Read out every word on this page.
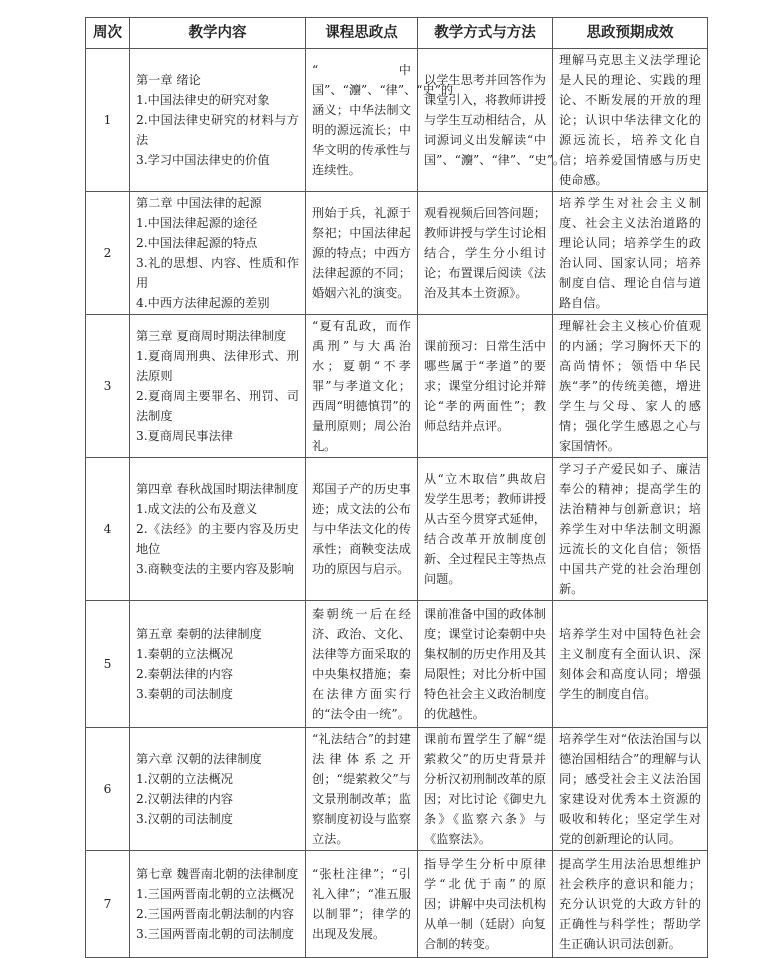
周次	教学内容	课程思政点	教学方式与方法	思政预期成效
1	第一章 绪论
1.中国法律史的研究对象
2.中国法律史研究的材料与方法
3.学习中国法律史的价值	“中国”、“灋”、“律”、“史”的涵义；中华法制文明的源远流长；中华文明的传承性与连续性。	以学生思考并回答作为课堂引入，将教师讲授与学生互动相结合，从词源词义出发解读“中国”、“灋”、“律”、“史”。	理解马克思主义法学理论是人民的理论、实践的理论、不断发展的开放的理论；认识中华法律文化的源远流长，培养文化自信；培养爱国情感与历史使命感。
2	第二章 中国法律的起源
1.中国法律起源的途径
2.中国法律起源的特点
3.礼的思想、内容、性质和作用
4.中西方法律起源的差别	刑始于兵，礼源于祭祀；中国法律起源的特点；中西方法律起源的不同；婚姻六礼的演变。	观看视频后回答问题；教师讲授与学生讨论相结合，学生分小组讨论；布置课后阅读《法治及其本土资源》。	培养学生对社会主义制度、社会主义法治道路的理论认同；培养学生的政治认同、国家认同；培养制度自信、理论自信与道路自信。
3	第三章 夏商周时期法律制度
1.夏商周刑典、法律形式、刑法原则
2.夏商周主要罪名、刑罚、司法制度
3.夏商周民事法律	“夏有乱政，而作禹刑”与大禹治水；夏朝“不孝罪”与孝道文化；西周“明德慎罚”的量刑原则；周公治礼。	课前预习：日常生活中哪些属于“孝道”的要求；课堂分组讨论并辩论“孝的两面性”；教师总结并点评。	理解社会主义核心价值观的内涵；学习胸怀天下的高尚情怀；领悟中华民族“孝”的传统美德，增进学生与父母、家人的感情；强化学生感恩之心与家国情怀。
4	第四章 春秋战国时期法律制度
1.成文法的公布及意义
2.《法经》的主要内容及历史地位
3.商鞅变法的主要内容及影响	郑国子产的历史事迹；成文法的公布与中华法文化的传承性；商鞅变法成功的原因与启示。	从“立木取信”典故启发学生思考；教师讲授从古至今贯穿式延伸，结合改革开放制度创新、全过程民主等热点问题。	学习子产爱民如子、廉洁奉公的精神；提高学生的法治精神与创新意识；培养学生对中华法制文明源远流长的文化自信；领悟中国共产党的社会治理创新。
5	第五章 秦朝的法律制度
1.秦朝的立法概况
2.秦朝法律的内容
3.秦朝的司法制度	秦朝统一后在经济、政治、文化、法律等方面采取的中央集权措施；秦在法律方面实行的“法令由一统”。	课前准备中国的政体制度；课堂讨论秦朝中央集权制的历史作用及其局限性；对比分析中国特色社会主义政治制度的优越性。	培养学生对中国特色社会主义制度有全面认识、深刻体会和高度认同；增强学生的制度自信。
6	第六章 汉朝的法律制度
1.汉朝的立法概况
2.汉朝法律的内容
3.汉朝的司法制度	“礼法结合”的封建法律体系之开创；“缇萦救父”与文景刑制改革；监察制度初设与监察立法。	课前布置学生了解“缇萦救父”的历史背景并分析汉初刑制改革的原因；对比讨论《御史九条》《监察六条》与《监察法》。	培养学生对“依法治国与以德治国相结合”的理解与认同；感受社会主义法治国家建设对优秀本土资源的吸收和转化；坚定学生对党的创新理论的认同。
7	第七章 魏晋南北朝的法律制度
1.三国两晋南北朝的立法概况
2.三国两晋南北朝法制的内容
3.三国两晋南北朝的司法制度	“张杜注律”；“引礼入律”；“准五服以制罪”；律学的出现及发展。	指导学生分析中原律学“北优于南”的原因；讲解中央司法机构从单一制（廷尉）向复合制的转变。	提高学生用法治思想维护社会秩序的意识和能力；充分认识党的大政方针的正确性与科学性；帮助学生正确认识司法创新。
